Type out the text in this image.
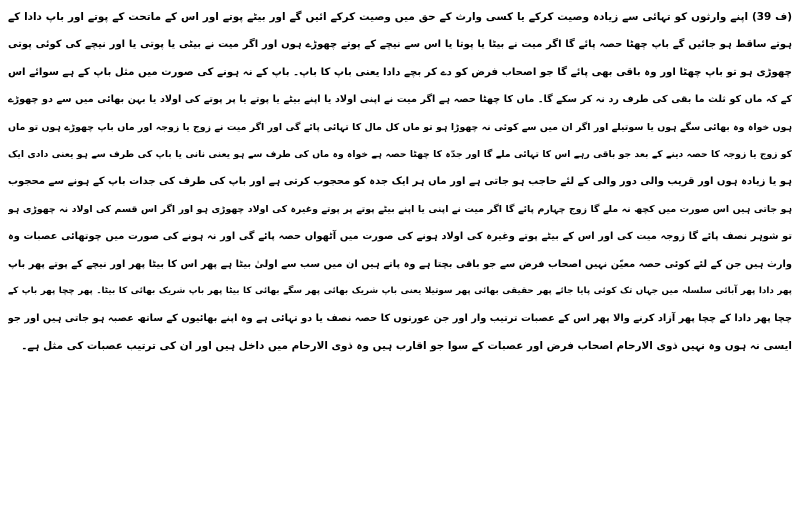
(ف 39) اپنے وارثوں کو تہائی سے زیادہ وصیت کرکے یا کسی وارث کے حق میں وصیت کرکے ائیں گے اور بیٹے پوتے اور اس کے ماتحت کے پوتے اور باپ دادا کے
ہوتے ساقط ہو جائیں گے باپ چھٹا حصہ پائے گا اگر میت نے بیٹا یا پوتا یا اس سے نیچے کے پوتے چھوڑے ہوں اور اگر میت نے بیٹی یا پوتی یا اور نیچے کی کوئی پوتی
چھوڑی ہو تو باپ چھٹا اور وہ باقی بھی پائے گا جو اصحاب فرض کو دے کر بچے دادا یعنی باپ کا باپ۔ باپ کے نہ ہونے کی صورت میں مثل باپ کے ہے سوائے اس
کے کہ ماں کو ثلث ما بقی کی طرف رد نہ کر سکے گا۔ ماں کا چھٹا حصہ ہے اگر میت نے اپنی اولاد یا اپنے بیٹے یا پوتے یا پر پوتے کی اولاد یا بہن بھائی میں سے دو چھوڑے
ہوں خواہ وہ بھائی سگے ہوں یا سوتیلے اور اگر ان میں سے کوئی نہ چھوڑا ہو تو ماں کل مال کا تہائی پائے گی اور اگر میت نے زوج یا زوجہ اور ماں باپ چھوڑے ہوں تو ماں
کو زوج یا زوجہ کا حصہ دینے کے بعد جو باقی رہے اس کا تہائی ملے گا اور جدّہ کا چھٹا حصہ ہے خواہ وہ ماں کی طرف سے ہو یعنی نانی یا باپ کی طرف سے ہو یعنی دادی ایک
ہو یا زیادہ ہوں اور قریب والی دور والی کے لئے حاجب ہو جاتی ہے اور ماں ہر ایک جدہ کو محجوب کرتی ہے اور باپ کی طرف کی جدات باپ کے ہونے سے محجوب
ہو جاتی ہیں اس صورت میں کچھ نہ ملے گا زوج چہارم پائے گا اگر میت نے اپنی یا اپنے بیٹے پوتے پر پوتے وغیرہ کی اولاد چھوڑی ہو اور اگر اس قسم کی اولاد نہ چھوڑی ہو
تو شوہر نصف پائے گا زوجہ میت کی اور اس کے بیٹے پوتے وغیرہ کی اولاد ہونے کی صورت میں آٹھواں حصہ پائے گی اور نہ ہونے کی صورت میں چوتھائی عصبات وہ
وارث ہیں جن کے لئے کوئی حصہ معیّن نہیں اصحاب فرض سے جو باقی بچتا ہے وہ پاتے ہیں ان میں سب سے اولیٰ بیٹا ہے پھر اس کا بیٹا پھر اور نیچے کے پوتے پھر باپ
پھر دادا پھر آبائی سلسلہ میں جہاں تک کوئی پایا جائے پھر حقیقی بھائی پھر سوتیلا یعنی باپ شریک بھائی پھر سگے بھائی کا بیٹا پھر باپ شریک بھائی کا بیٹا۔ پھر چچا پھر باپ کے
چچا پھر دادا کے چچا پھر آزاد کرنے والا پھر اس کے عصبات ترتیب وار اور جن عورتوں کا حصہ نصف یا دو تہائی ہے وہ اپنے بھائیوں کے ساتھ عصبہ ہو جاتی ہیں اور جو
ایسی نہ ہوں وہ نہیں ذوی الارحام اصحاب فرض اور عصبات کے سوا جو اقارب ہیں وہ ذوی الارحام میں داخل ہیں اور ان کی ترتیب عصبات کی مثل ہے۔
